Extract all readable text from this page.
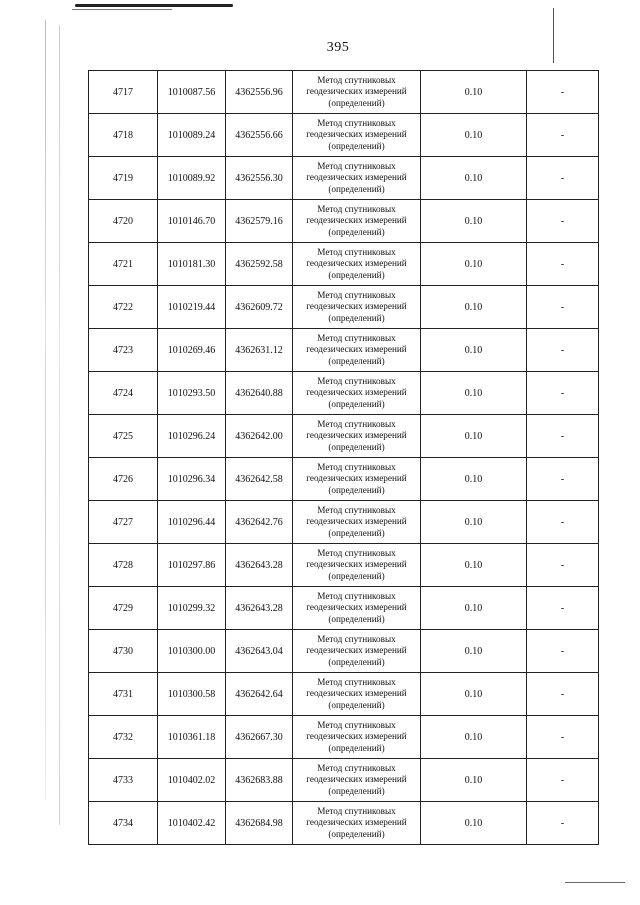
395
4717	1010087.56	4362556.96	Метод спутниковых
геодезических измерений
(определений)	0.10	-
4718	1010089.24	4362556.66	Метод спутниковых
геодезических измерений
(определений)	0.10	-
4719	1010089.92	4362556.30	Метод спутниковых
геодезических измерений
(определений)	0.10	-
4720	1010146.70	4362579.16	Метод спутниковых
геодезических измерений
(определений)	0.10	-
4721	1010181.30	4362592.58	Метод спутниковых
геодезических измерений
(определений)	0.10	-
4722	1010219.44	4362609.72	Метод спутниковых
геодезических измерений
(определений)	0.10	-
4723	1010269.46	4362631.12	Метод спутниковых
геодезических измерений
(определений)	0.10	-
4724	1010293.50	4362640.88	Метод спутниковых
геодезических измерений
(определений)	0.10	-
4725	1010296.24	4362642.00	Метод спутниковых
геодезических измерений
(определений)	0.10	-
4726	1010296.34	4362642.58	Метод спутниковых
геодезических измерений
(определений)	0.10	-
4727	1010296.44	4362642.76	Метод спутниковых
геодезических измерений
(определений)	0.10	-
4728	1010297.86	4362643.28	Метод спутниковых
геодезических измерений
(определений)	0.10	-
4729	1010299.32	4362643.28	Метод спутниковых
геодезических измерений
(определений)	0.10	-
4730	1010300.00	4362643.04	Метод спутниковых
геодезических измерений
(определений)	0.10	-
4731	1010300.58	4362642.64	Метод спутниковых
геодезических измерений
(определений)	0.10	-
4732	1010361.18	4362667.30	Метод спутниковых
геодезических измерений
(определений)	0.10	-
4733	1010402.02	4362683.88	Метод спутниковых
геодезических измерений
(определений)	0.10	-
4734	1010402.42	4362684.98	Метод спутниковых
геодезических измерений
(определений)	0.10	-
